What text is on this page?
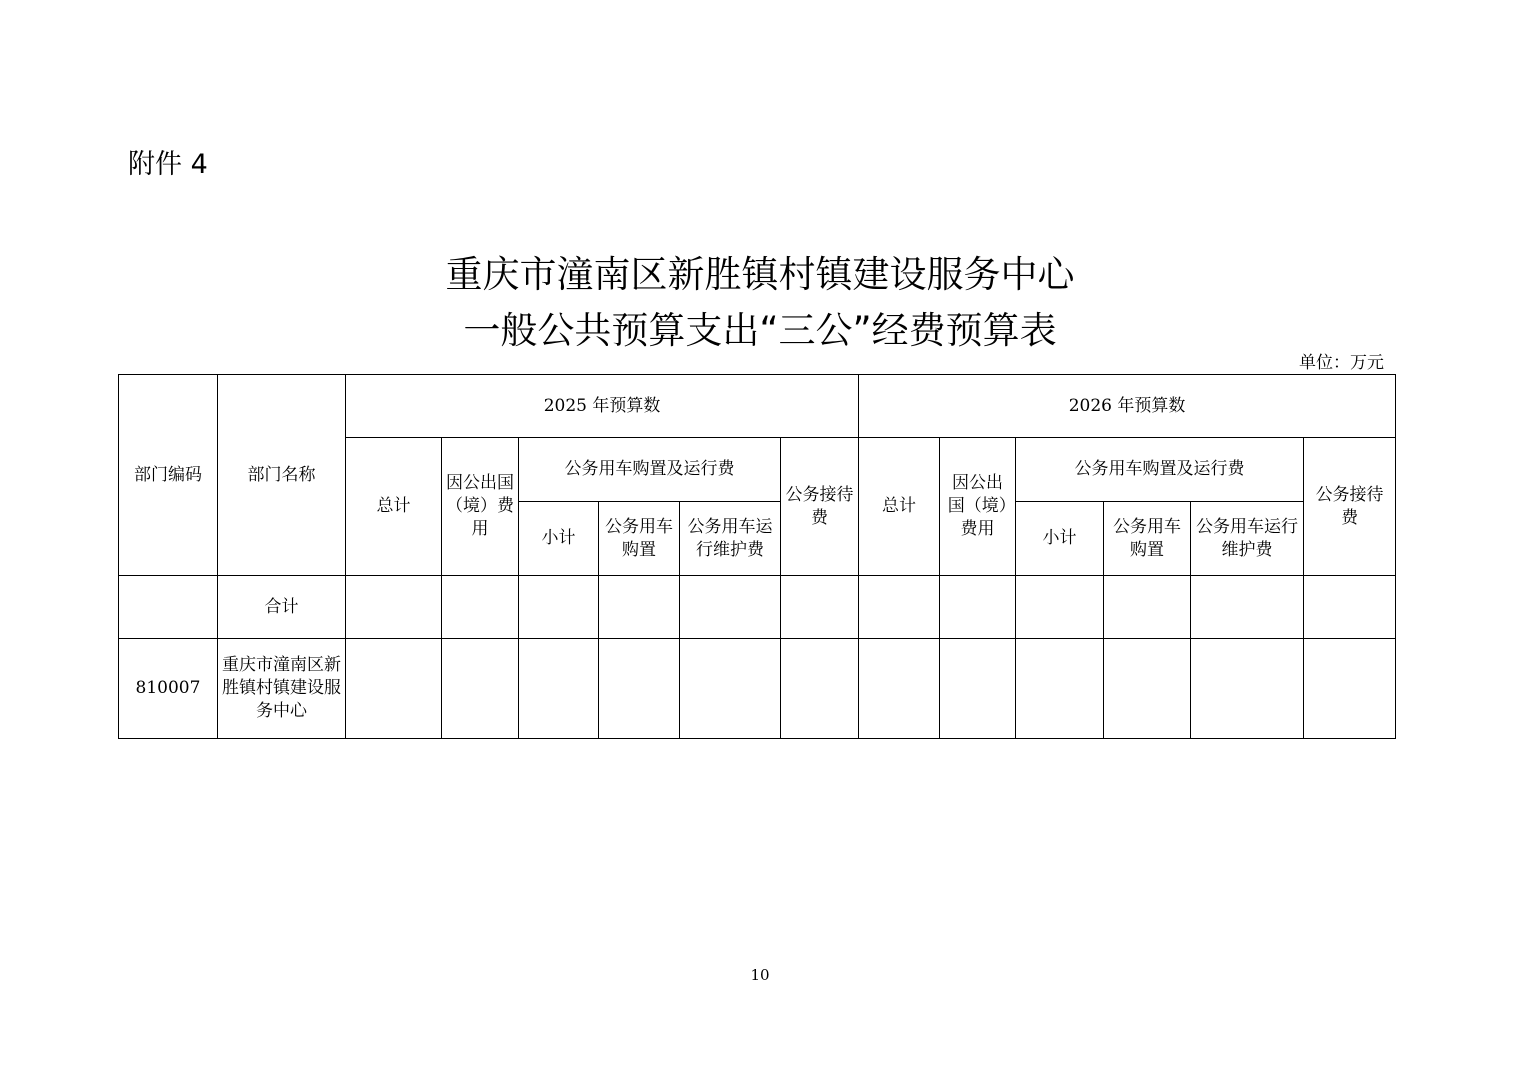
附件 4
重庆市潼南区新胜镇村镇建设服务中心
一般公共预算支出“三公”经费预算表
单位：万元
部门编码	部门名称	2025 年预算数						2026 年预算数					
		总计	因公出国（境）费用	公务用车购置及运行费			公务接待费	总计	因公出国（境）费用	公务用车购置及运行费			公务接待费
				小计	公务用车购置	公务用车运行维护费				小计	公务用车购置	公务用车运行维护费	
	合计												
810007	重庆市潼南区新胜镇村镇建设服务中心												
10
